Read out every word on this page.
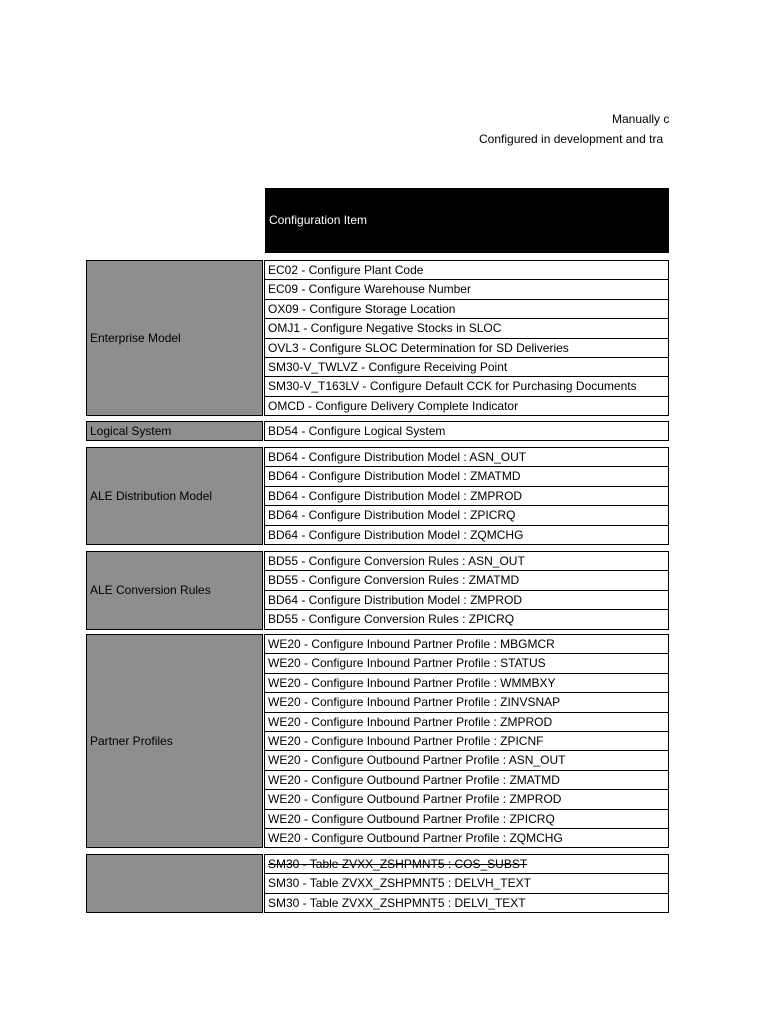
Manually c
Configured in development and tra
Configuration Item
Enterprise Model
EC02 - Configure Plant Code
EC09 - Configure Warehouse Number
OX09 - Configure Storage Location
OMJ1 - Configure Negative Stocks in SLOC
OVL3 - Configure SLOC Determination for SD Deliveries
SM30-V_TWLVZ - Configure Receiving Point
SM30-V_T163LV - Configure Default CCK for Purchasing Documents
OMCD - Configure Delivery Complete Indicator
Logical System	BD54 - Configure Logical System
ALE Distribution Model
BD64 - Configure Distribution Model : ASN_OUT
BD64 - Configure Distribution Model : ZMATMD
BD64 - Configure Distribution Model : ZMPROD
BD64 - Configure Distribution Model : ZPICRQ
BD64 - Configure Distribution Model : ZQMCHG
ALE Conversion Rules
BD55 - Configure Conversion Rules : ASN_OUT
BD55 - Configure Conversion Rules : ZMATMD
BD64 - Configure Distribution Model : ZMPROD
BD55 - Configure Conversion Rules : ZPICRQ
Partner Profiles
WE20 - Configure Inbound Partner Profile : MBGMCR
WE20 - Configure Inbound Partner Profile : STATUS
WE20 - Configure Inbound Partner Profile : WMMBXY
WE20 - Configure Inbound Partner Profile : ZINVSNAP
WE20 - Configure Inbound Partner Profile : ZMPROD
WE20 - Configure Inbound Partner Profile : ZPICNF
WE20 - Configure Outbound Partner Profile : ASN_OUT
WE20 - Configure Outbound Partner Profile : ZMATMD
WE20 - Configure Outbound Partner Profile : ZMPROD
WE20 - Configure Outbound Partner Profile : ZPICRQ
WE20 - Configure Outbound Partner Profile : ZQMCHG
SM30 - Table ZVXX_ZSHPMNT5 : COS_SUBST
SM30 - Table ZVXX_ZSHPMNT5 : DELVH_TEXT
SM30 - Table ZVXX_ZSHPMNT5 : DELVI_TEXT
